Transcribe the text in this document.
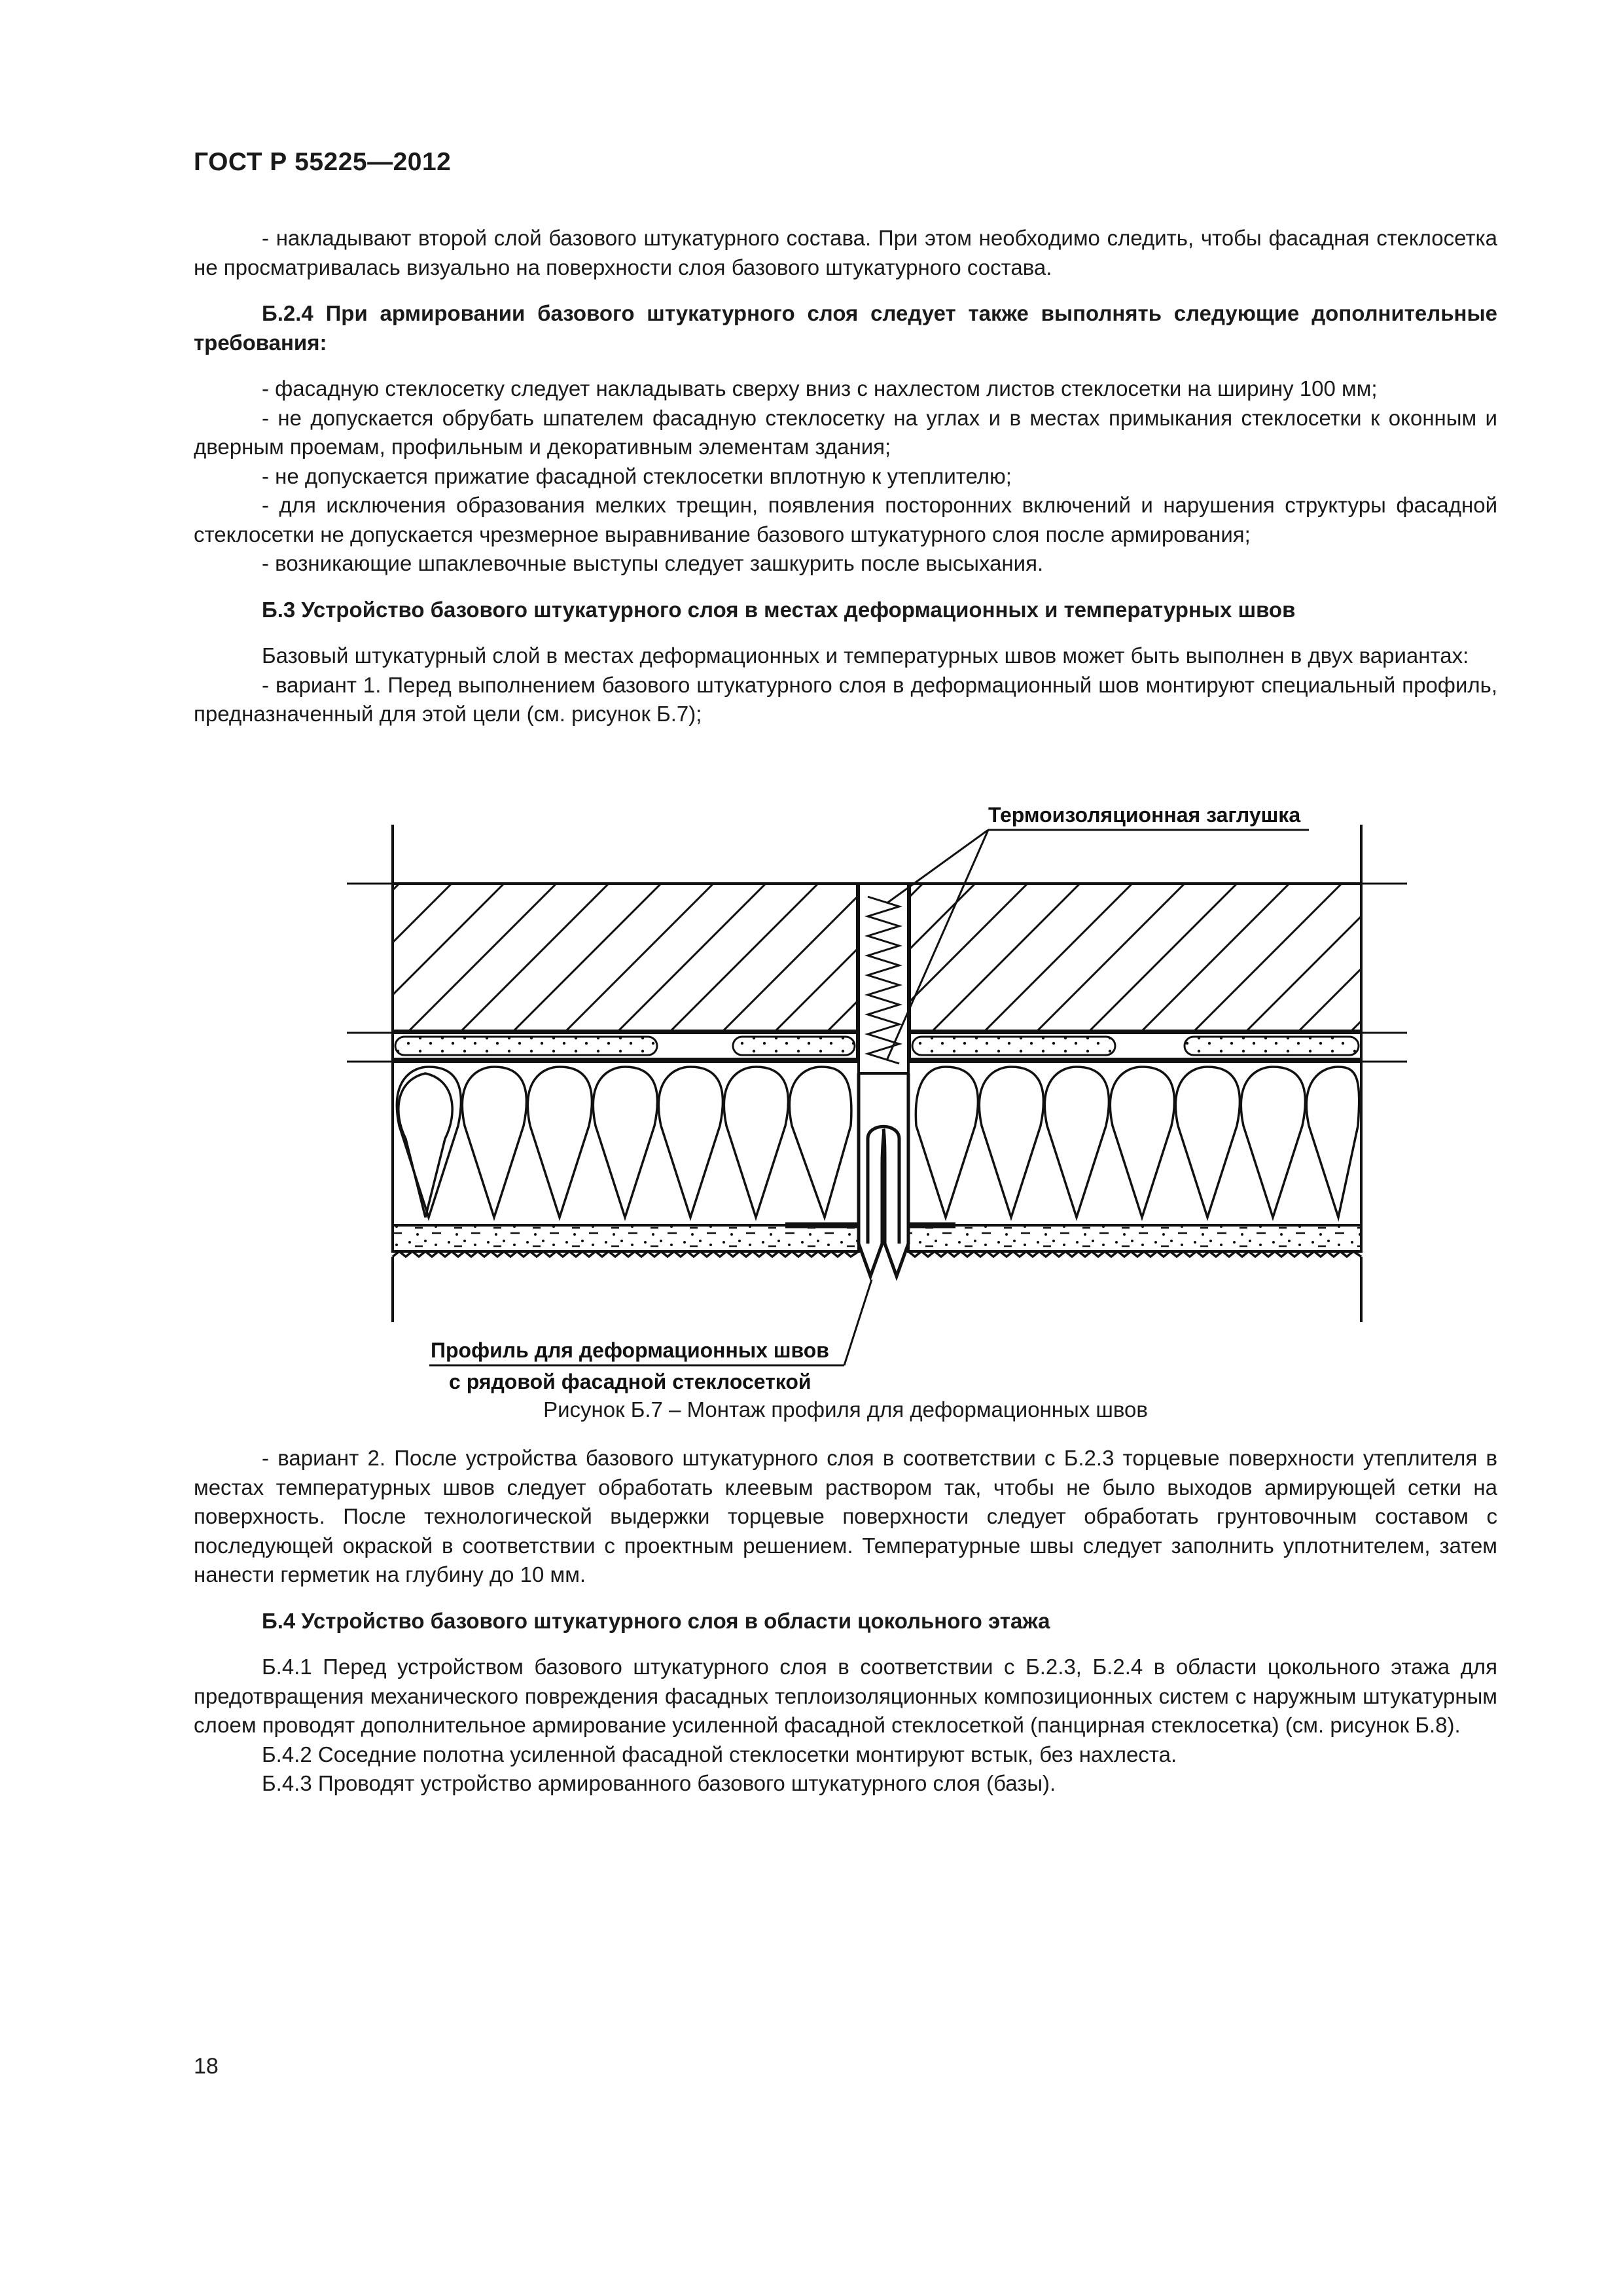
ГОСТ Р 55225—2012

- накладывают второй слой базового штукатурного состава. При этом необходимо следить, чтобы фасадная стеклосетка не просматривалась визуально на поверхности слоя базового штукатурного состава.

Б.2.4 При армировании базового штукатурного слоя следует также выполнять следующие дополнительные требования:

- фасадную стеклосетку следует накладывать сверху вниз с нахлестом листов стеклосетки на ширину 100 мм;

- не допускается обрубать шпателем фасадную стеклосетку на углах и в местах примыкания стеклосетки к оконным и дверным проемам, профильным и декоративным элементам здания;

- не допускается прижатие фасадной стеклосетки вплотную к утеплителю;

- для исключения образования мелких трещин, появления посторонних включений и нарушения структуры фасадной стеклосетки не допускается чрезмерное выравнивание базового штукатурного слоя после армирования;

- возникающие шпаклевочные выступы следует зашкурить после высыхания.

Б.3 Устройство базового штукатурного слоя в местах деформационных и температурных швов

Базовый штукатурный слой в местах деформационных и температурных швов может быть выполнен в двух вариантах:

- вариант 1. Перед выполнением базового штукатурного слоя в деформационный шов монтируют специальный профиль, предназначенный для этой цели (см. рисунок Б.7);

Термоизоляционная заглушка
Профиль для деформационных швов
с рядовой фасадной стеклосеткой
Рисунок Б.7 – Монтаж профиля для деформационных швов

- вариант 2. После устройства базового штукатурного слоя в соответствии с Б.2.3 торцевые поверхности утеплителя в местах температурных швов следует обработать клеевым раствором так, чтобы не было выходов армирующей сетки на поверхность. После технологической выдержки торцевые поверхности следует обработать грунтовочным составом с последующей окраской в соответствии с проектным решением. Температурные швы следует заполнить уплотнителем, затем нанести герметик на глубину до 10 мм.

Б.4 Устройство базового штукатурного слоя в области цокольного этажа

Б.4.1 Перед устройством базового штукатурного слоя в соответствии с Б.2.3, Б.2.4 в области цокольного этажа для предотвращения механического повреждения фасадных теплоизоляционных композиционных систем с наружным штукатурным слоем проводят дополнительное армирование усиленной фасадной стеклосеткой (панцирная стеклосетка) (см. рисунок Б.8).

Б.4.2 Соседние полотна усиленной фасадной стеклосетки монтируют встык, без нахлеста.

Б.4.3 Проводят устройство армированного базового штукатурного слоя (базы).

18
